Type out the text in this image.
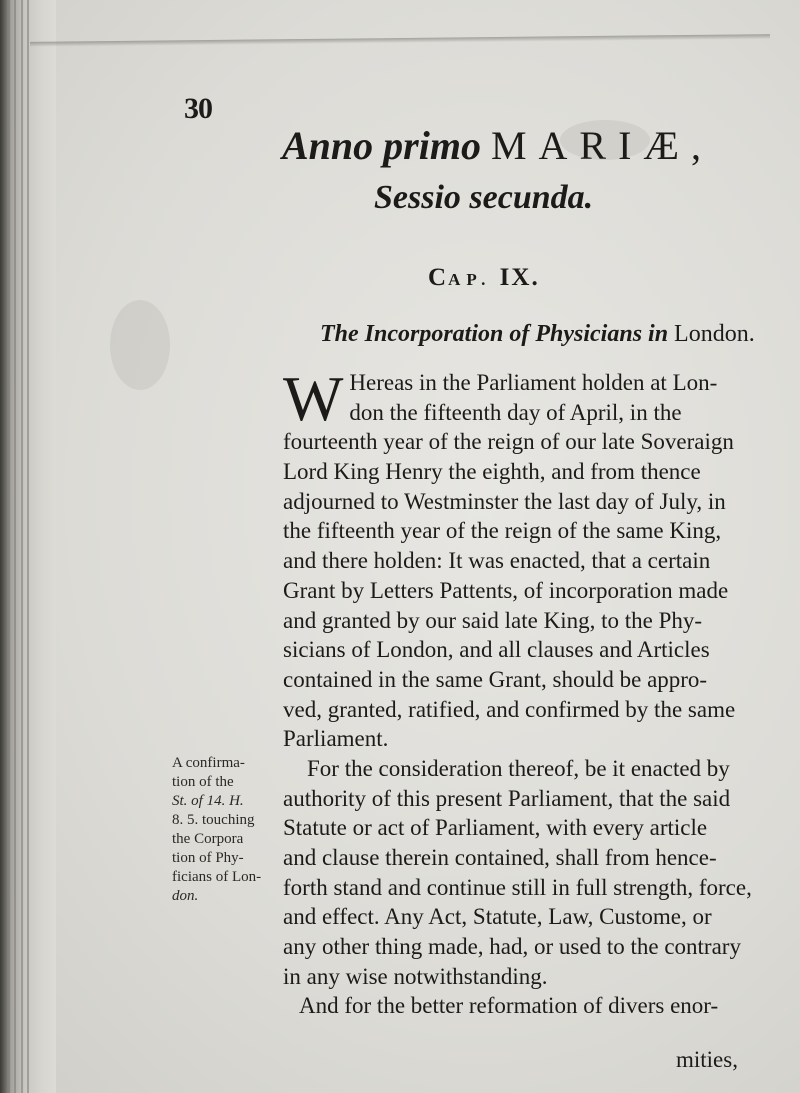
30
Anno primo MARIÆ,
Sessio secunda.
CAP. IX.
The Incorporation of Physicians in London.
W Hereas in the Parliament holden at Lon-
don the fifteenth day of April, in the
fourteenth year of the reign of our late Soveraign
Lord King Henry the eighth, and from thence
adjourned to Westminster the last day of July, in
the fifteenth year of the reign of the same King,
and there holden: It was enacted, that a certain
Grant by Letters Pattents, of incorporation made
and granted by our said late King, to the Phy-
sicians of London, and all clauses and Articles
contained in the same Grant, should be appro-
ved, granted, ratified, and confirmed by the same
Parliament.
For the consideration thereof, be it enacted by
authority of this present Parliament, that the said
Statute or act of Parliament, with every article
and clause therein contained, shall from hence-
forth stand and continue still in full strength, force,
and effect. Any Act, Statute, Law, Custome, or
any other thing made, had, or used to the contrary
in any wise notwithstanding.
And for the better reformation of divers enor-
A confirma-
tion of the
St. of 14. H.
8. 5. touching
the Corpora
tion of Phy-
ficians of Lon-
don.
mities,
